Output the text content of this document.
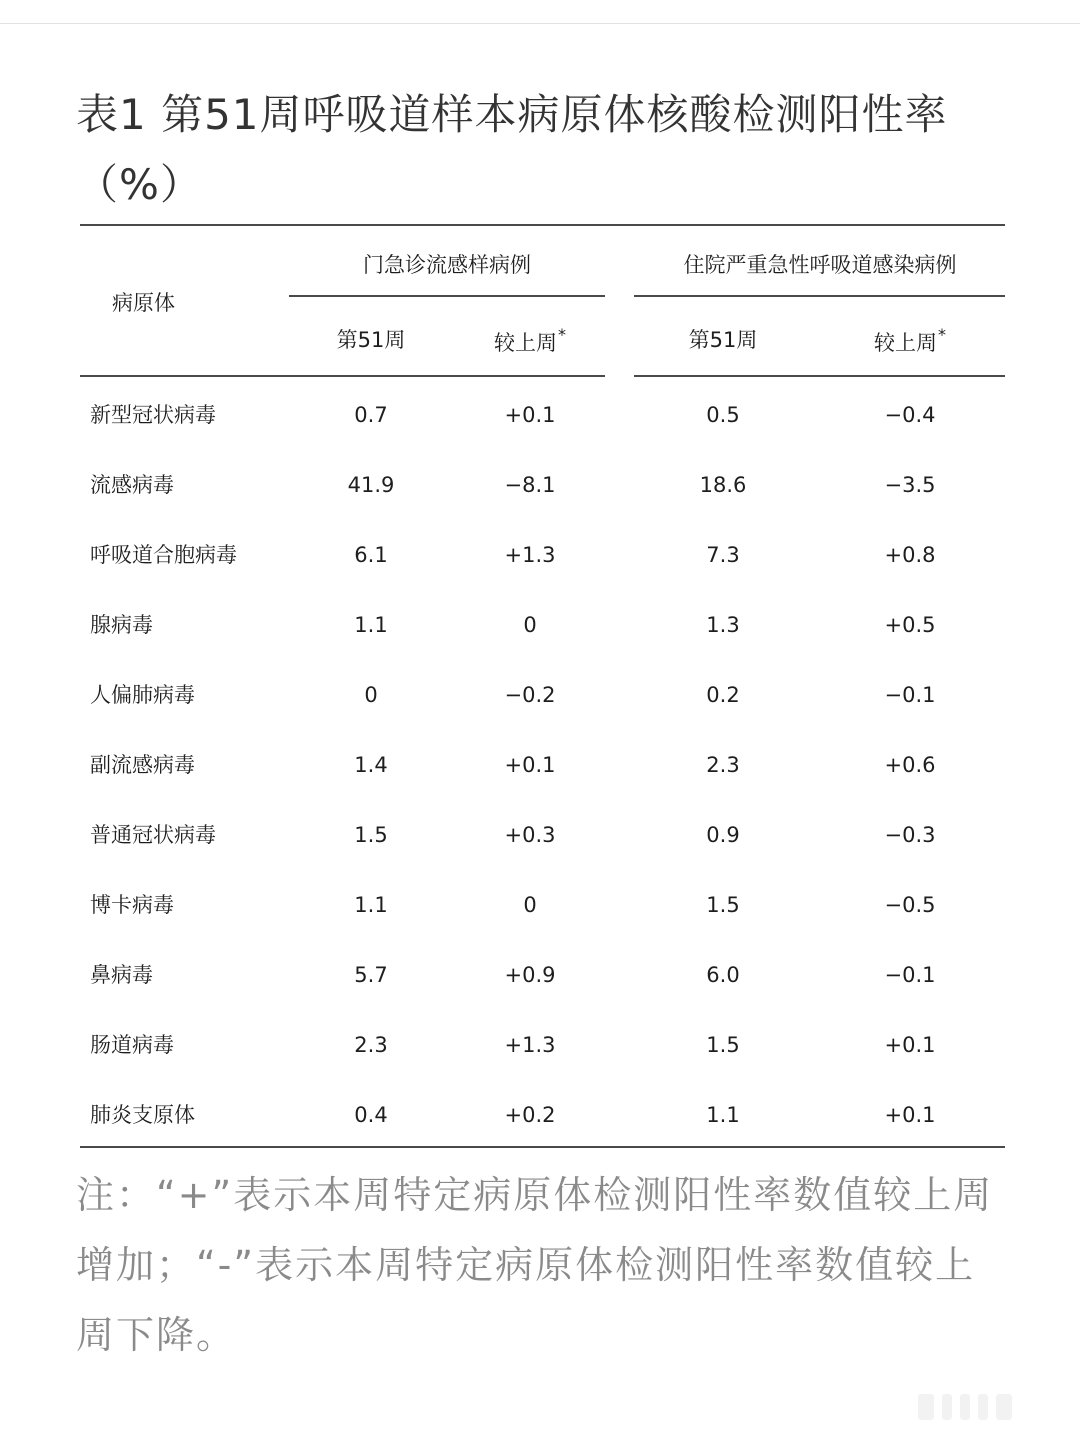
表1 第51周呼吸道样本病原体核酸检测阳性率
（%）
病原体
门急诊流感样病例	住院严重急性呼吸道感染病例
第51周	较上周*	第51周	较上周*
新型冠状病毒	0.7	+0.1	0.5	−0.4
流感病毒	41.9	−8.1	18.6	−3.5
呼吸道合胞病毒	6.1	+1.3	7.3	+0.8
腺病毒	1.1	0	1.3	+0.5
人偏肺病毒	0	−0.2	0.2	−0.1
副流感病毒	1.4	+0.1	2.3	+0.6
普通冠状病毒	1.5	+0.3	0.9	−0.3
博卡病毒	1.1	0	1.5	−0.5
鼻病毒	5.7	+0.9	6.0	−0.1
肠道病毒	2.3	+1.3	1.5	+0.1
肺炎支原体	0.4	+0.2	1.1	+0.1
注：“+”表示本周特定病原体检测阳性率数值较上周增加；“-”表示本周特定病原体检测阳性率数值较上周下降。
